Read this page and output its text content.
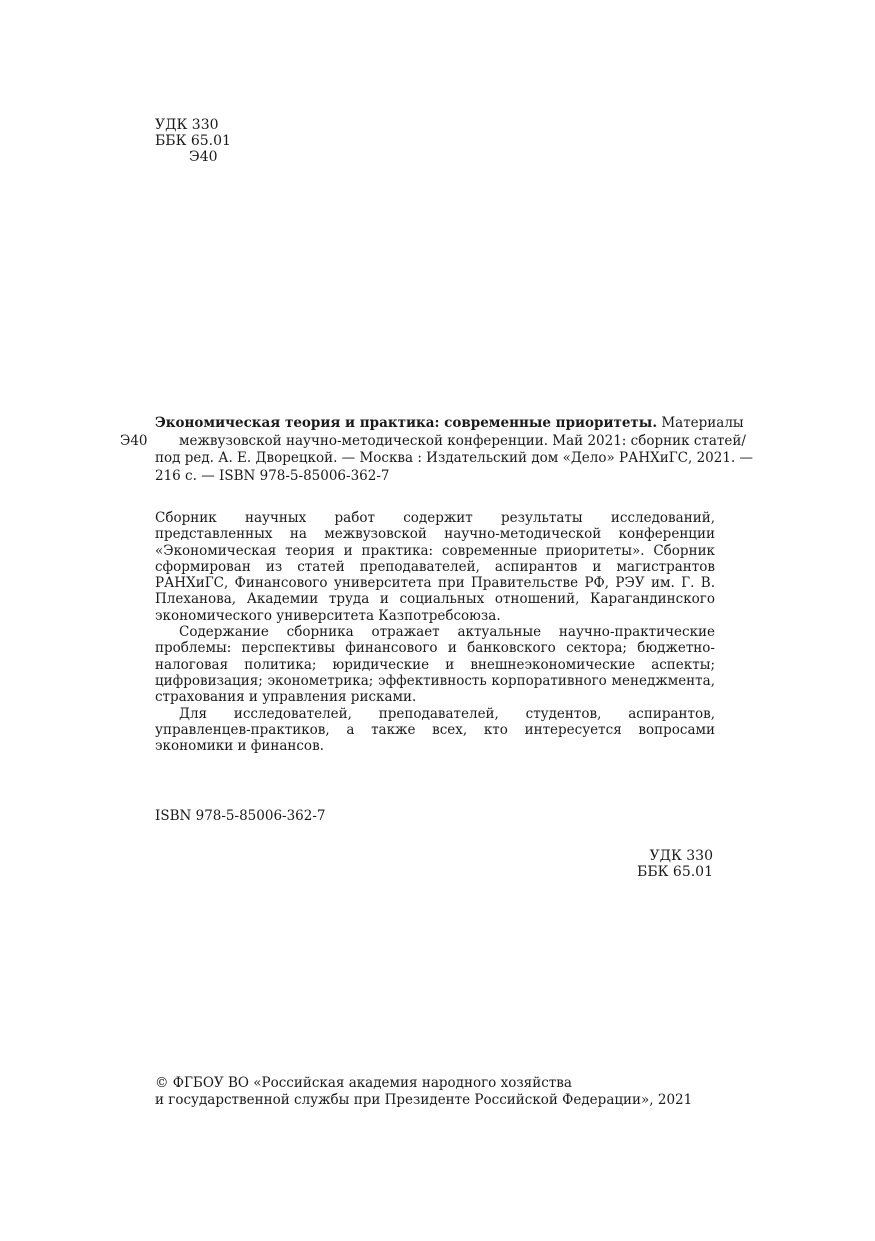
УДК 330
ББК 65.01
Э40
Э40
Экономическая теория и практика: современные приоритеты. Материалы
межвузовской научно-методической конференции. Май 2021: сборник статей/
под ред. А. Е. Дворецкой. — Москва : Издательский дом «Дело» РАНХиГС, 2021. —
216 с. — ISBN 978-5-85006-362-7

Сборник научных работ содержит результаты исследований, представленных на межвузовской научно-методической конференции «Экономическая теория и практика: современные приоритеты». Сборник сформирован из статей преподавателей, аспирантов и магистрантов РАНХиГС, Финансового университета при Правительстве РФ, РЭУ им. Г. В. Плеханова, Академии труда и социальных отношений, Карагандинского экономического университета Казпотребсоюза.

Содержание сборника отражает актуальные научно-практические проблемы: перспективы финансового и банковского сектора; бюджетно-налоговая политика; юридические и внешнеэкономические аспекты; цифровизация; эконометрика; эффективность корпоративного менеджмента, страхования и управления рисками.

Для исследователей, преподавателей, студентов, аспирантов, управленцев-практиков, а также всех, кто интересуется вопросами экономики и финансов.

ISBN 978-5-85006-362-7
УДК 330
ББК 65.01
© ФГБОУ ВО «Российская академия народного хозяйства
и государственной службы при Президенте Российской Федерации», 2021
